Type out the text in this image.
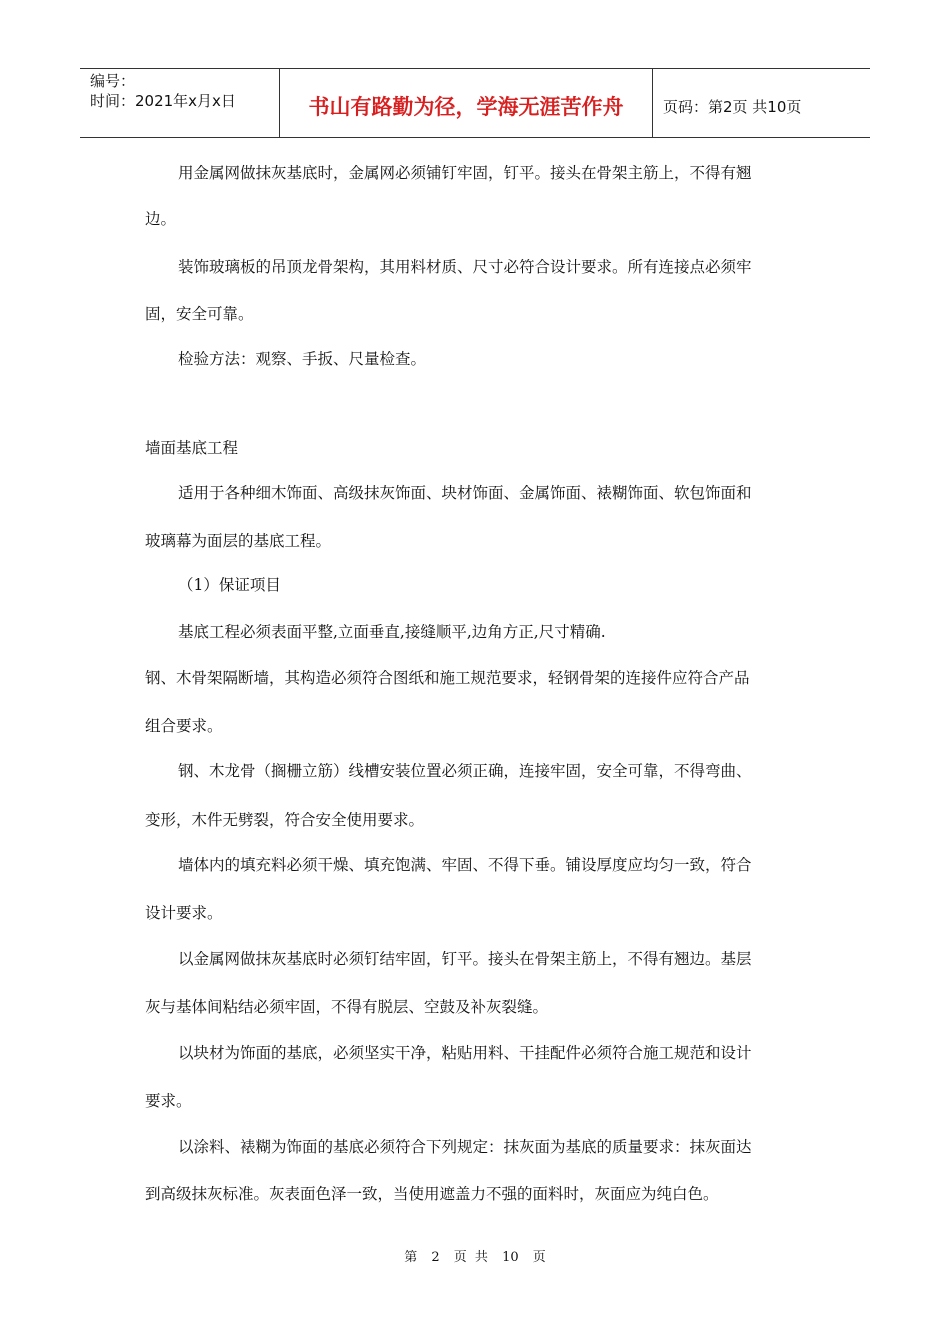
编号：
时间：2021年x月x日	书山有路勤为径，学海无涯苦作舟	页码：第2页 共10页

用金属网做抹灰基底时，金属网必须铺钉牢固，钉平。接头在骨架主筋上，不得有翘

边。

装饰玻璃板的吊顶龙骨架构，其用料材质、尺寸必符合设计要求。所有连接点必须牢

固，安全可靠。

检验方法：观察、手扳、尺量检查。

墙面基底工程

适用于各种细木饰面、高级抹灰饰面、块材饰面、金属饰面、裱糊饰面、软包饰面和

玻璃幕为面层的基底工程。

（1）保证项目

基底工程必须表面平整,立面垂直,接缝顺平,边角方正,尺寸精确.

钢、木骨架隔断墙，其构造必须符合图纸和施工规范要求，轻钢骨架的连接件应符合产品

组合要求。

钢、木龙骨（搁栅立筋）线槽安装位置必须正确，连接牢固，安全可靠，不得弯曲、

变形，木件无劈裂，符合安全使用要求。

墙体内的填充料必须干燥、填充饱满、牢固、不得下垂。铺设厚度应均匀一致，符合

设计要求。

以金属网做抹灰基底时必须钉结牢固，钉平。接头在骨架主筋上，不得有翘边。基层

灰与基体间粘结必须牢固，不得有脱层、空鼓及补灰裂缝。

以块材为饰面的基底，必须坚实干净，粘贴用料、干挂配件必须符合施工规范和设计

要求。

以涂料、裱糊为饰面的基底必须符合下列规定：抹灰面为基底的质量要求：抹灰面达

到高级抹灰标准。灰表面色泽一致，当使用遮盖力不强的面料时，灰面应为纯白色。

第 2 页 共 10 页
